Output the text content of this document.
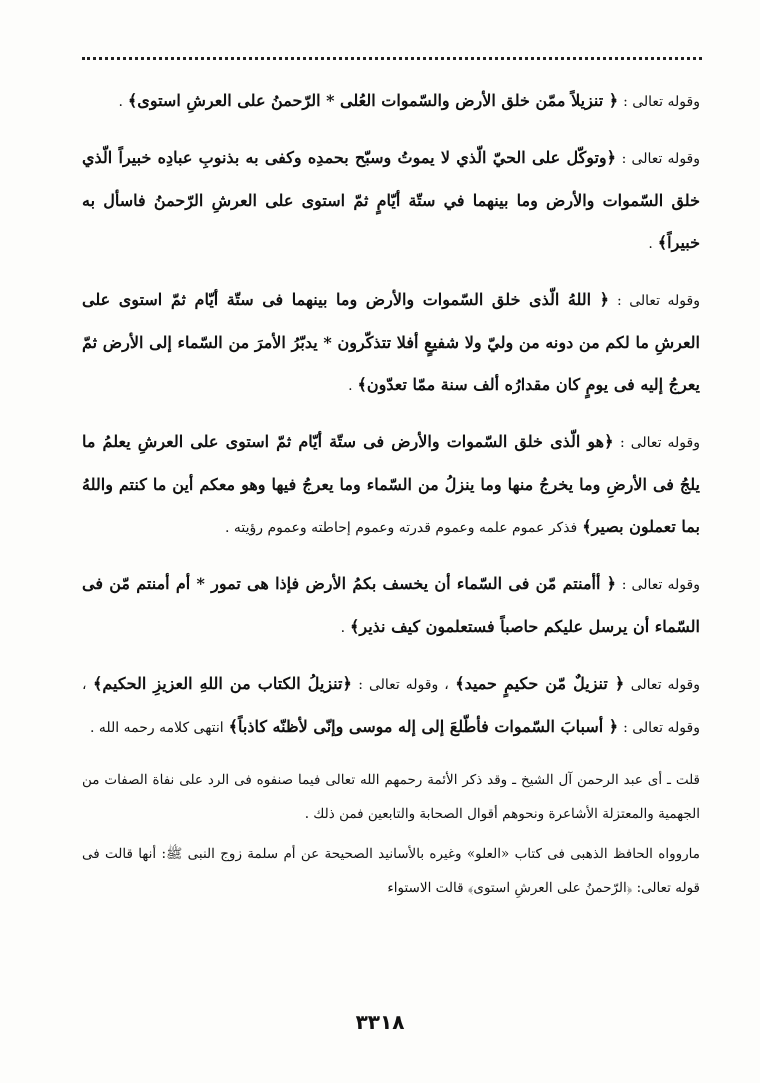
وقوله تعالى : ﴿ تنزيلاً ممّن خلق الأرض والسّموات العُلى * الرّحمنُ على العرشِ استوى﴾ .

وقوله تعالى : ﴿وتوكّل على الحيّ الّذي لا يموتُ وسبّح بحمدِه وكفى به بذنوبِ عبادِه خبيراً الّذي خلق السّموات والأرض وما بينهما في ستّة أيّامٍ ثمّ استوى على العرشِ الرّحمنُ فاسأل به خبيراً﴾ .

وقوله تعالى : ﴿ اللهُ الّذى خلق السّموات والأرض وما بينهما فى ستّة أيّام ثمّ استوى على العرشِ ما لكم من دونه من وليّ ولا شفيعٍ أفلا تتذكّرون * يدبّرُ الأمرَ من السّماء إلى الأرض ثمّ يعرجُ إليه فى يومٍ كان مقدارُه ألف سنة ممّا تعدّون﴾ .

وقوله تعالى : ﴿هو الّذى خلق السّموات والأرض فى ستّة أيّام ثمّ استوى على العرشِ يعلمُ ما يلجُ فى الأرضِ وما يخرجُ منها وما ينزلُ من السّماء وما يعرجُ فيها وهو معكم أين ما كنتم واللهُ بما تعملون بصير﴾ فذكر عموم علمه وعموم قدرته وعموم إحاطته وعموم رؤيته .

وقوله تعالى : ﴿ أأمنتم مّن فى السّماء أن يخسف بكمُ الأرض فإذا هى تمور * أم أمنتم مّن فى السّماء أن يرسل عليكم حاصباً فستعلمون كيف نذير﴾ .

وقوله تعالى ﴿ تنزيلٌ مّن حكيمٍ حميد﴾ ، وقوله تعالى : ﴿تنزيلُ الكتاب من اللهِ العزيزِ الحكيم﴾ ، وقوله تعالى : ﴿ أسبابَ السّموات فأطّلعَ إلى إله موسى وإنّى لأظنّه كاذباً﴾ انتهى كلامه رحمه الله .

قلت ـ أى عبد الرحمن آل الشيخ ـ وقد ذكر الأئمة رحمهم الله تعالى فيما صنفوه فى الرد على نفاة الصفات من الجهمية والمعتزلة الأشاعرة ونحوهم أقوال الصحابة والتابعين فمن ذلك .

ماروواه الحافظ الذهبى فى كتاب «العلو» وغيره بالأسانيد الصحيحة عن أم سلمة زوج النبى ﷺ: أنها قالت فى قوله تعالى: ﴿الرّحمنُ على العرشِ استوى﴾ قالت الاستواء

٣٣١٨
